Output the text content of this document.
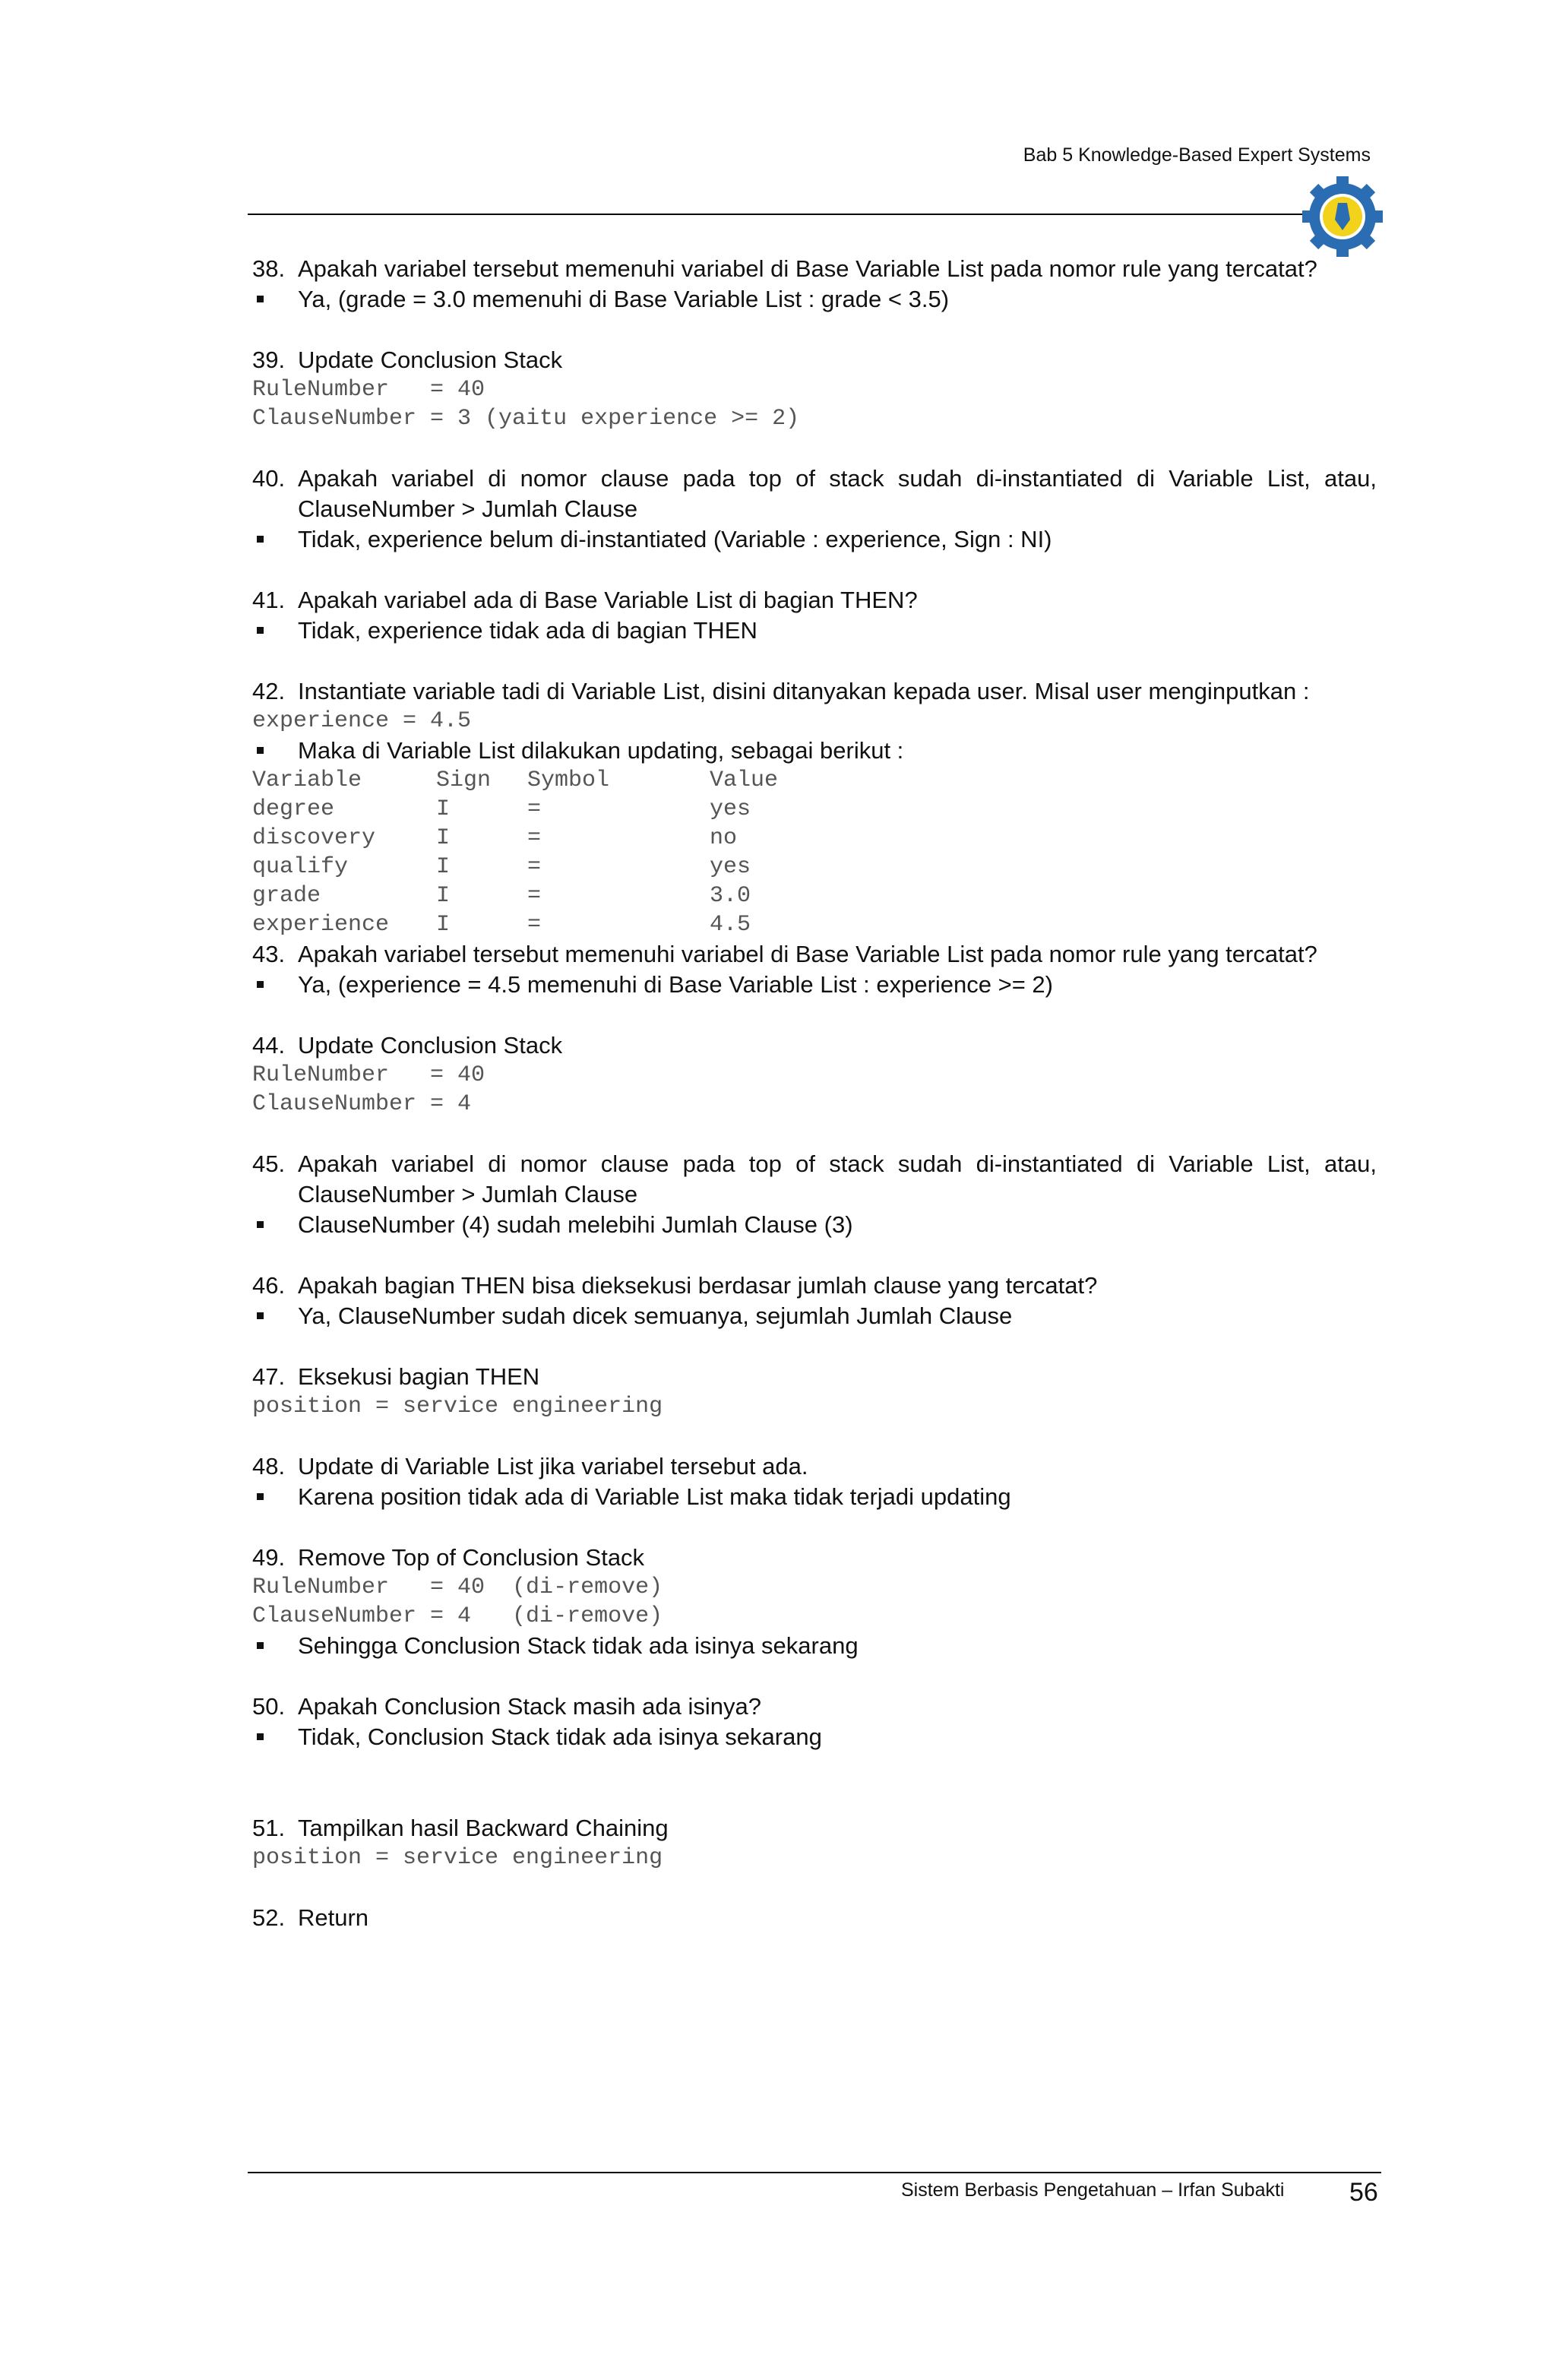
Bab 5 Knowledge-Based Expert Systems
38. Apakah variabel tersebut memenuhi variabel di Base Variable List pada nomor rule yang tercatat?
Ya, (grade = 3.0 memenuhi di Base Variable List : grade < 3.5)
39. Update Conclusion Stack
RuleNumber   = 40
ClauseNumber = 3 (yaitu experience >= 2)
40. Apakah variabel di nomor clause pada top of stack sudah di-instantiated di Variable List, atau, ClauseNumber > Jumlah Clause
Tidak, experience belum di-instantiated (Variable : experience, Sign : NI)
41. Apakah variabel ada di Base Variable List di bagian THEN?
Tidak, experience tidak ada di bagian THEN
42. Instantiate variable tadi di Variable List, disini ditanyakan kepada user. Misal user menginputkan :
experience = 4.5
Maka di Variable List dilakukan updating, sebagai berikut :
Variable	Sign	Symbol	Value
degree	I	=	yes
discovery	I	=	no
qualify	I	=	yes
grade	I	=	3.0
experience	I	=	4.5
43. Apakah variabel tersebut memenuhi variabel di Base Variable List pada nomor rule yang tercatat?
Ya, (experience = 4.5 memenuhi di Base Variable List : experience >= 2)
44. Update Conclusion Stack
RuleNumber   = 40
ClauseNumber = 4
45. Apakah variabel di nomor clause pada top of stack sudah di-instantiated di Variable List, atau, ClauseNumber > Jumlah Clause
ClauseNumber (4) sudah melebihi Jumlah Clause (3)
46. Apakah bagian THEN bisa dieksekusi berdasar jumlah clause yang tercatat?
Ya, ClauseNumber sudah dicek semuanya, sejumlah Jumlah Clause
47. Eksekusi bagian THEN
position = service engineering
48. Update di Variable List jika variabel tersebut ada.
Karena position tidak ada di Variable List maka tidak terjadi updating
49. Remove Top of Conclusion Stack
RuleNumber   = 40  (di-remove)
ClauseNumber = 4   (di-remove)
Sehingga Conclusion Stack tidak ada isinya sekarang
50. Apakah Conclusion Stack masih ada isinya?
Tidak, Conclusion Stack tidak ada isinya sekarang
51. Tampilkan hasil Backward Chaining
position = service engineering
52. Return
Sistem Berbasis Pengetahuan – Irfan Subakti	56
